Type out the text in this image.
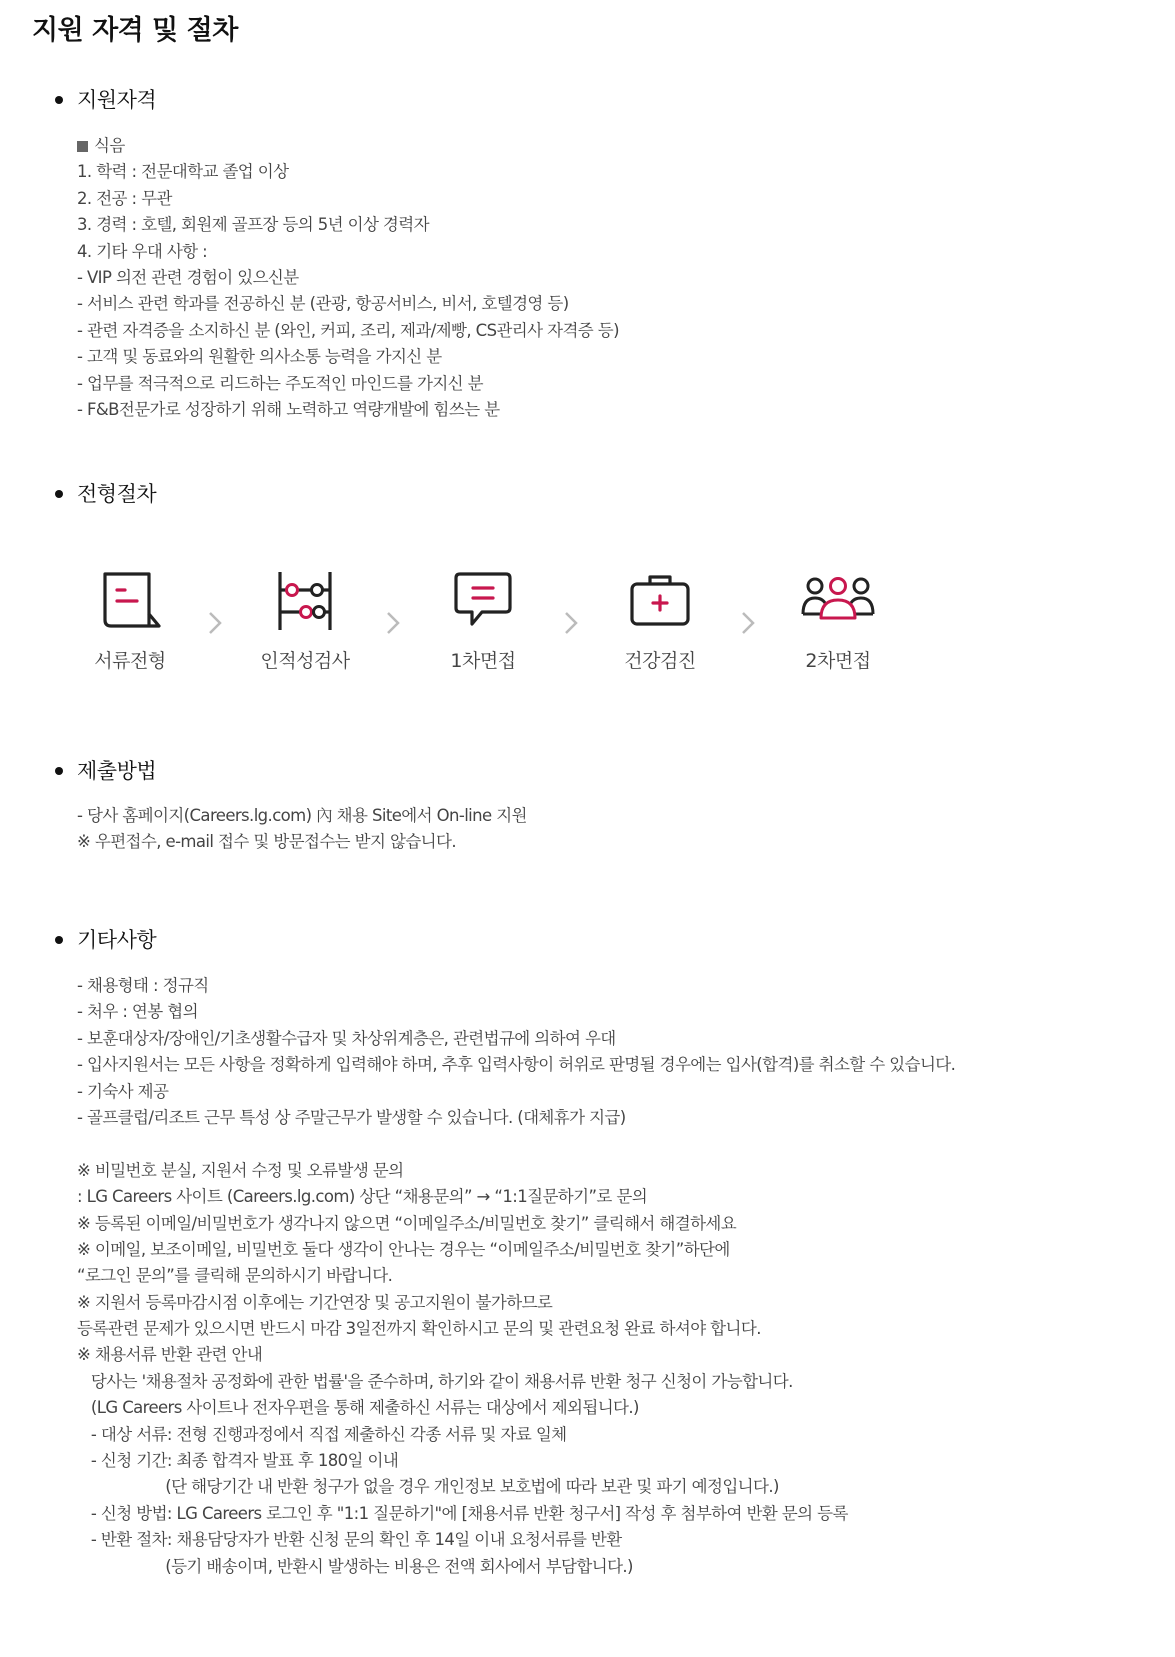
지원 자격 및 절차
지원자격
식음
1. 학력 : 전문대학교 졸업 이상
2. 전공 : 무관
3. 경력 : 호텔, 회원제 골프장 등의 5년 이상 경력자
4. 기타 우대 사항 :
- VIP 의전 관련 경험이 있으신분
- 서비스 관련 학과를 전공하신 분 (관광, 항공서비스, 비서, 호텔경영 등)
- 관련 자격증을 소지하신 분 (와인, 커피, 조리, 제과/제빵, CS관리사 자격증 등)
- 고객 및 동료와의 원활한 의사소통 능력을 가지신 분
- 업무를 적극적으로 리드하는 주도적인 마인드를 가지신 분
- F&B전문가로 성장하기 위해 노력하고 역량개발에 힘쓰는 분
전형절차
서류전형	인적성검사	1차면접	건강검진	2차면접
제출방법
- 당사 홈페이지(Careers.lg.com) 內 채용 Site에서 On-line 지원
※ 우편접수, e-mail 접수 및 방문접수는 받지 않습니다.
기타사항
- 채용형태 : 정규직
- 처우 : 연봉 협의
- 보훈대상자/장애인/기초생활수급자 및 차상위계층은, 관련법규에 의하여 우대
- 입사지원서는 모든 사항을 정확하게 입력해야 하며, 추후 입력사항이 허위로 판명될 경우에는 입사(합격)를 취소할 수 있습니다.
- 기숙사 제공
- 골프클럽/리조트 근무 특성 상 주말근무가 발생할 수 있습니다. (대체휴가 지급)
※ 비밀번호 분실, 지원서 수정 및 오류발생 문의
: LG Careers 사이트 (Careers.lg.com) 상단 “채용문의” → “1:1질문하기”로 문의
※ 등록된 이메일/비밀번호가 생각나지 않으면 “이메일주소/비밀번호 찾기” 클릭해서 해결하세요
※ 이메일, 보조이메일, 비밀번호 둘다 생각이 안나는 경우는 “이메일주소/비밀번호 찾기”하단에
“로그인 문의”를 클릭해 문의하시기 바랍니다.
※ 지원서 등록마감시점 이후에는 기간연장 및 공고지원이 불가하므로
등록관련 문제가 있으시면 반드시 마감 3일전까지 확인하시고 문의 및 관련요청 완료 하셔야 합니다.
※ 채용서류 반환 관련 안내
당사는 '채용절차 공정화에 관한 법률'을 준수하며, 하기와 같이 채용서류 반환 청구 신청이 가능합니다.
(LG Careers 사이트나 전자우편을 통해 제출하신 서류는 대상에서 제외됩니다.)
- 대상 서류: 전형 진행과정에서 직접 제출하신 각종 서류 및 자료 일체
- 신청 기간: 최종 합격자 발표 후 180일 이내
(단 해당기간 내 반환 청구가 없을 경우 개인정보 보호법에 따라 보관 및 파기 예정입니다.)
- 신청 방법: LG Careers 로그인 후 "1:1 질문하기"에 [채용서류 반환 청구서] 작성 후 첨부하여 반환 문의 등록
- 반환 절차: 채용담당자가 반환 신청 문의 확인 후 14일 이내 요청서류를 반환
(등기 배송이며, 반환시 발생하는 비용은 전액 회사에서 부담합니다.)
